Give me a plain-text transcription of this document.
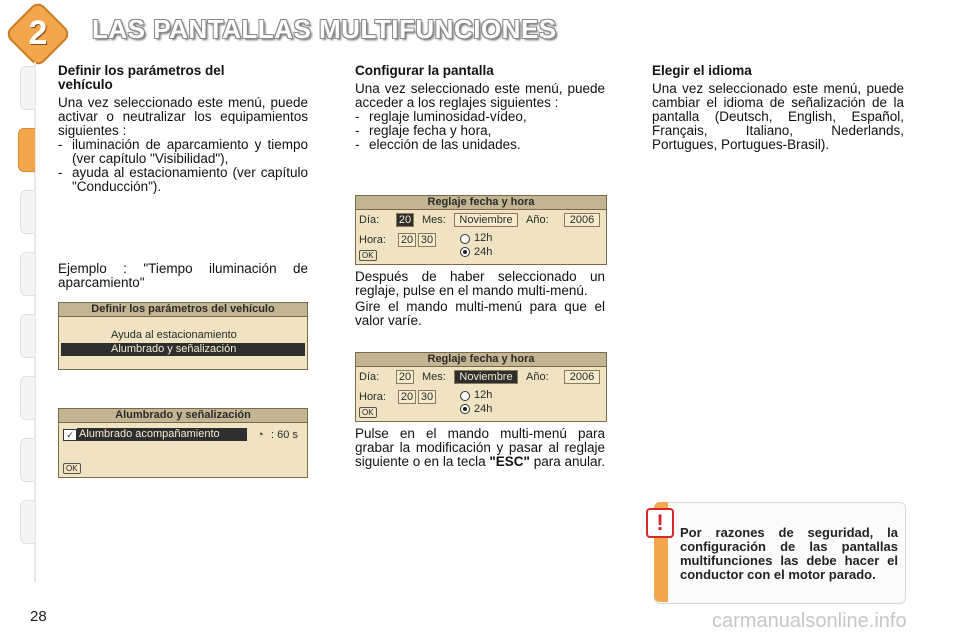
2	LAS PANTALLAS MULTIFUNCIONES

Definir los parámetros del vehículo

Una vez seleccionado este menú, puede activar o neutralizar los equipamientos siguientes :

- iluminación de aparcamiento y tiempo (ver capítulo "Visibilidad"),

- ayuda al estacionamiento (ver capítulo "Conducción").

Ejemplo : "Tiempo iluminación de aparcamiento"
Definir los parámetros del vehículo
Ayuda al estacionamiento
Alumbrado y señalización
Alumbrado y señalización
✓ Alumbrado acompañamiento	◔ : 60 s
OK

Configurar la pantalla

Una vez seleccionado este menú, puede acceder a los reglajes siguientes :

- reglaje luminosidad-vídeo,

- reglaje fecha y hora,

- elección de las unidades.

Reglaje fecha y hora
Día: 20 Mes:	Noviembre	Año:	2006
Hora: 20 30	12h
24h
OK

Después de haber seleccionado un reglaje, pulse en el mando multi-menú.

Gire el mando multi-menú para que el valor varíe.

Reglaje fecha y hora
Día: 20 Mes:	Noviembre	Año:	2006
Hora: 20 30	12h
24h
OK
Pulse en el mando multi-menú para grabar la modificación y pasar al reglaje siguiente o en la tecla "ESC" para anular.

Elegir el idioma

Una vez seleccionado este menú, puede cambiar el idioma de señalización de la pantalla (Deutsch, English, Español, Français, Italiano, Nederlands, Portugues, Portugues-Brasil).

!	Por razones de seguridad, la configuración de las pantallas multifunciones las debe hacer el conductor con el motor parado.
28	carmanualsonline.info
